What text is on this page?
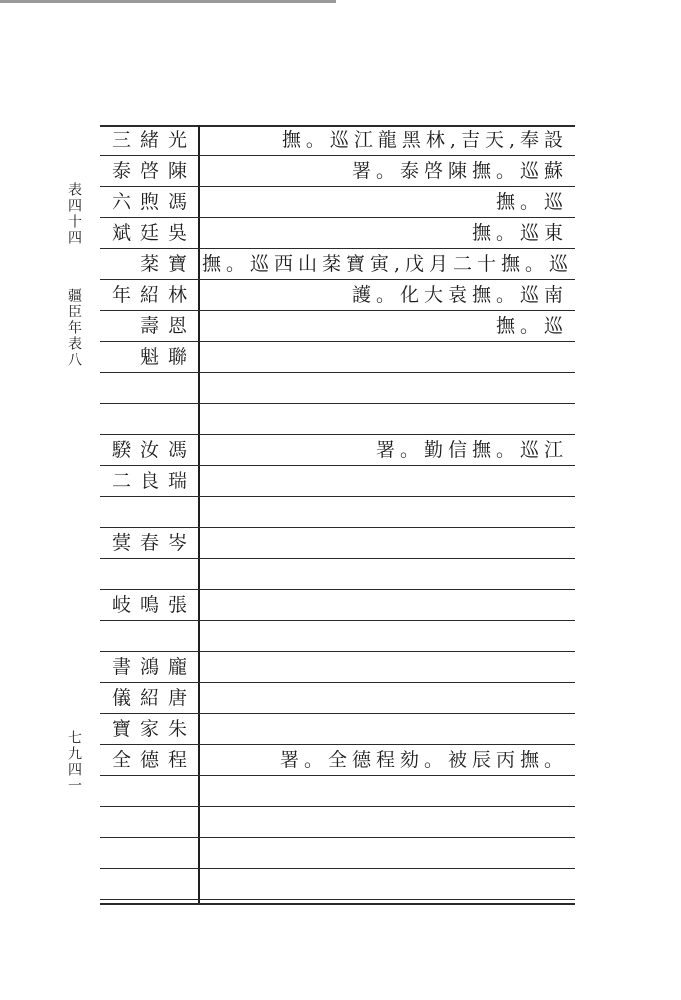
表四十四
疆臣年表八
七九四一
三緒光	撫。巡江龍黑林,吉天,奉設
泰啓陳	署。泰啓陳撫。巡蘇
六煦馮	撫。巡
斌廷吳	撫。巡東
棻寶 撫。巡西山棻寶寅,戊月二十撫。巡
年紹林	護。化大袁撫。巡南
壽恩	撫。巡
魁聯
騤汝馮	署。勤信撫。巡江
二良瑞
蓂春岑
岐鳴張
書鴻龐
儀紹唐
寶家朱
全德程	署。全德程劾。被辰丙撫。
